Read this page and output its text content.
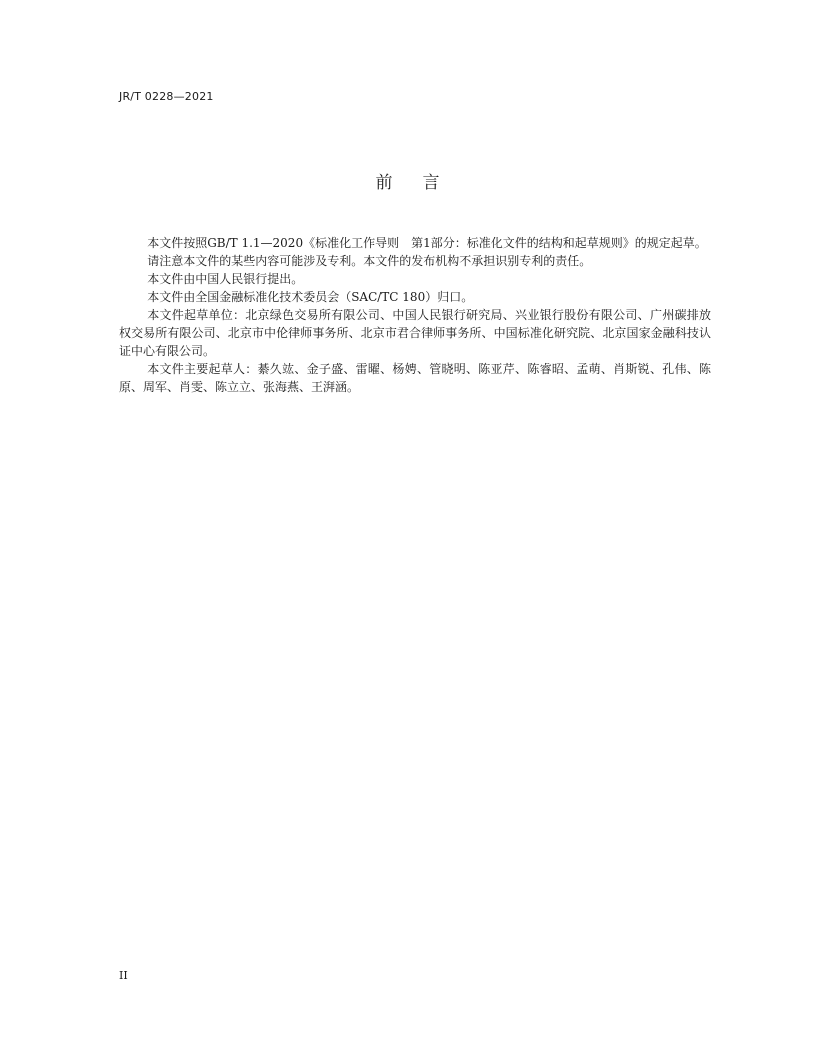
JR/T 0228—2021
前言

本文件按照GB/T 1.1—2020《标准化工作导则　第1部分：标准化文件的结构和起草规则》的规定起草。

请注意本文件的某些内容可能涉及专利。本文件的发布机构不承担识别专利的责任。

本文件由中国人民银行提出。

本文件由全国金融标准化技术委员会（SAC/TC 180）归口。

本文件起草单位：北京绿色交易所有限公司、中国人民银行研究局、兴业银行股份有限公司、广州碳排放权交易所有限公司、北京市中伦律师事务所、北京市君合律师事务所、中国标准化研究院、北京国家金融科技认证中心有限公司。

本文件主要起草人：綦久竑、金子盛、雷曜、杨娉、管晓明、陈亚芹、陈睿昭、孟萌、肖斯锐、孔伟、陈原、周军、肖雯、陈立立、张海燕、王湃涵。

II
